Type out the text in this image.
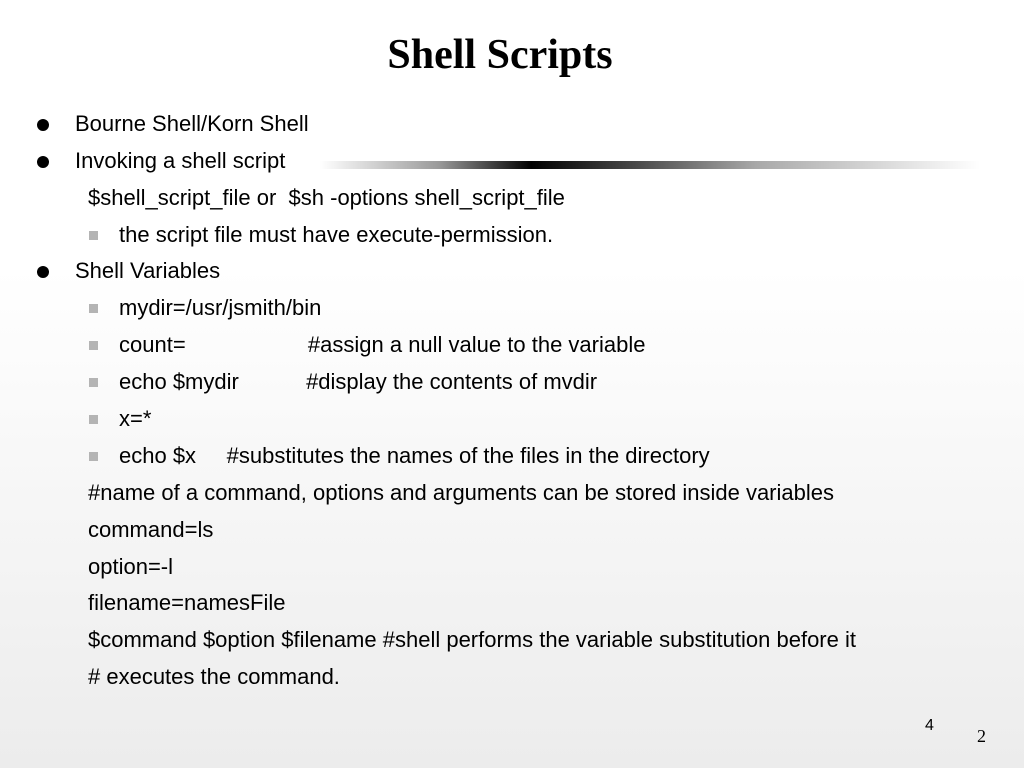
Shell Scripts
Bourne Shell/Korn Shell
Invoking a shell script
$shell_script_file or  $sh -options shell_script_file
the script file must have execute-permission.
Shell Variables
mydir=/usr/jsmith/bin
count=                    #assign a null value to the variable
echo $mydir           #display the contents of mvdir
x=*
echo $x     #substitutes the names of the files in the directory
#name of a command, options and arguments can be stored inside variables
command=ls
option=-l
filename=namesFile
$command $option $filename #shell performs the variable substitution before it
# executes the command.
4
2
